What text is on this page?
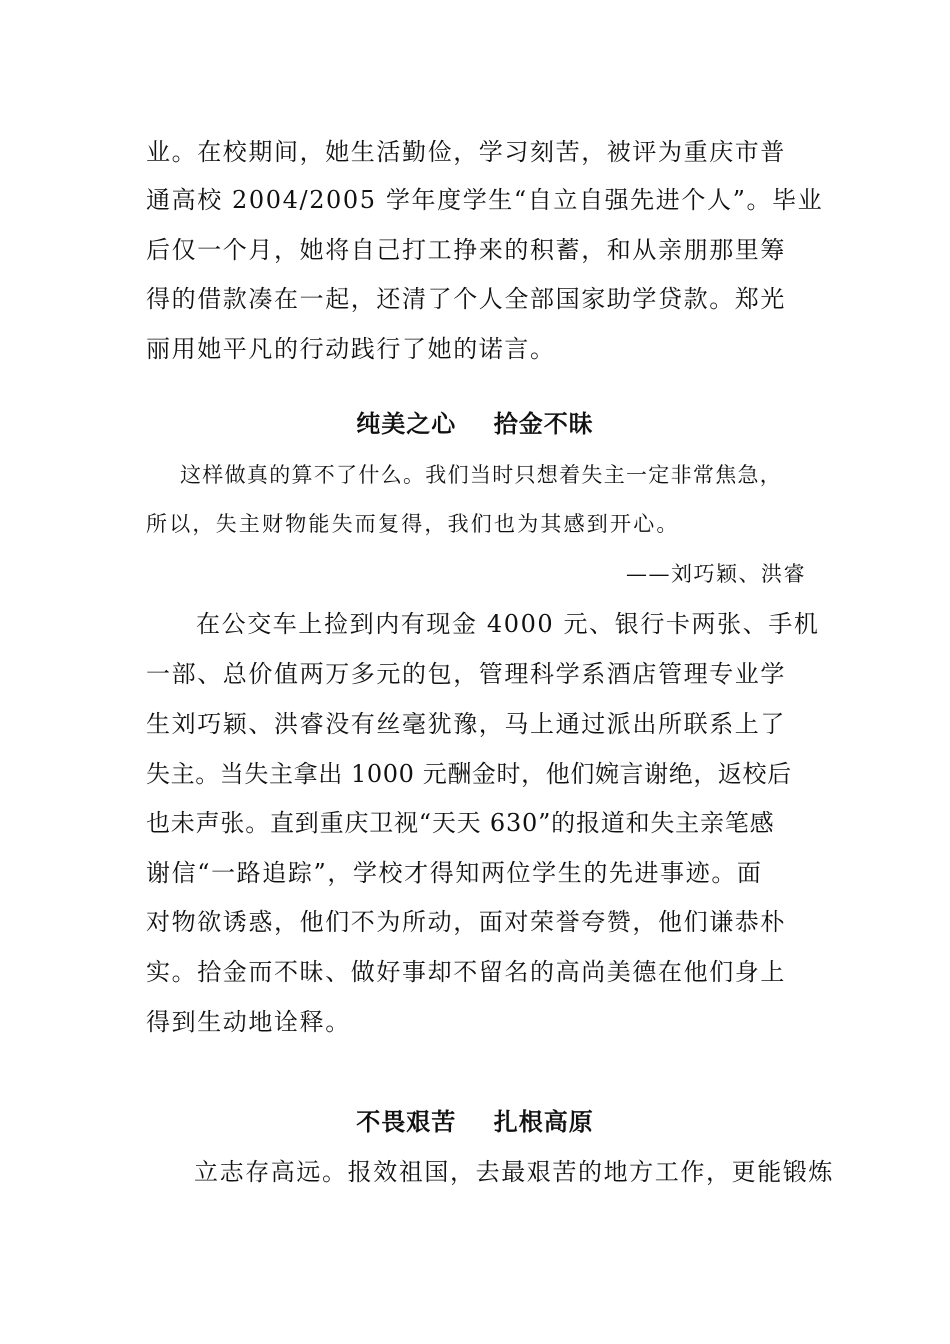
业。在校期间，她生活勤俭，学习刻苦，被评为重庆市普
通高校 2004/2005 学年度学生“自立自强先进个人”。毕业
后仅一个月，她将自己打工挣来的积蓄，和从亲朋那里筹
得的借款凑在一起，还清了个人全部国家助学贷款。郑光
丽用她平凡的行动践行了她的诺言。
纯美之心    拾金不昧
这样做真的算不了什么。我们当时只想着失主一定非常焦急，
所以，失主财物能失而复得，我们也为其感到开心。
——刘巧颖、洪睿
在公交车上捡到内有现金 4000 元、银行卡两张、手机
一部、总价值两万多元的包，管理科学系酒店管理专业学
生刘巧颖、洪睿没有丝毫犹豫，马上通过派出所联系上了
失主。当失主拿出 1000 元酬金时，他们婉言谢绝，返校后
也未声张。直到重庆卫视“天天 630”的报道和失主亲笔感
谢信“一路追踪”，学校才得知两位学生的先进事迹。面
对物欲诱惑，他们不为所动，面对荣誉夸赞，他们谦恭朴
实。拾金而不昧、做好事却不留名的高尚美德在他们身上
得到生动地诠释。
不畏艰苦    扎根高原
立志存高远。报效祖国，去最艰苦的地方工作，更能锻炼
